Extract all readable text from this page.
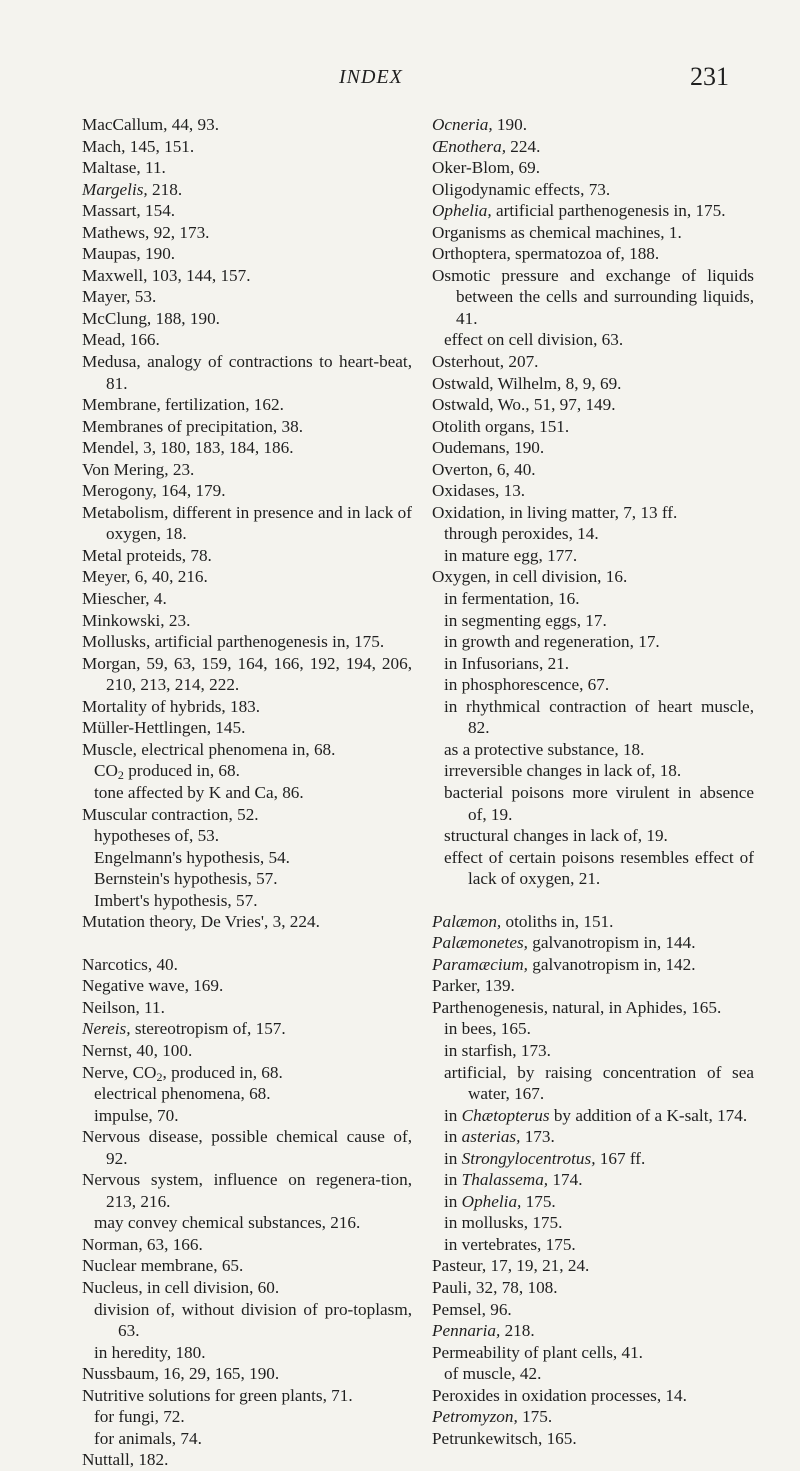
INDEX	231
MacCallum, 44, 93.
Mach, 145, 151.
Maltase, 11.
Margelis, 218.
Massart, 154.
Mathews, 92, 173.
Maupas, 190.
Maxwell, 103, 144, 157.
Mayer, 53.
McClung, 188, 190.
Mead, 166.
Medusa, analogy of contractions to heart-beat, 81.
Membrane, fertilization, 162.
Membranes of precipitation, 38.
Mendel, 3, 180, 183, 184, 186.
Von Mering, 23.
Merogony, 164, 179.
Metabolism, different in presence and in lack of oxygen, 18.
Metal proteids, 78.
Meyer, 6, 40, 216.
Miescher, 4.
Minkowski, 23.
Mollusks, artificial parthenogenesis in, 175.
Morgan, 59, 63, 159, 164, 166, 192, 194, 206, 210, 213, 214, 222.
Mortality of hybrids, 183.
Müller-Hettlingen, 145.
Muscle, electrical phenomena in, 68.
$CO_2$ produced in, 68.
tone affected by K and Ca, 86.
Muscular contraction, 52.
hypotheses of, 53.
Engelmann's hypothesis, 54.
Bernstein's hypothesis, 57.
Imbert's hypothesis, 57.
Mutation theory, De Vries', 3, 224.
Narcotics, 40.
Negative wave, 169.
Neilson, 11.
Nereis, stereotropism of, 157.
Nernst, 40, 100.
Nerve, $CO_2$, produced in, 68.
electrical phenomena, 68.
impulse, 70.
Nervous disease, possible chemical cause of, 92.
Nervous system, influence on regenera-tion, 213, 216.
may convey chemical substances, 216.
Norman, 63, 166.
Nuclear membrane, 65.
Nucleus, in cell division, 60.
division of, without division of pro-toplasm, 63.
in heredity, 180.
Nussbaum, 16, 29, 165, 190.
Nutritive solutions for green plants, 71.
for fungi, 72.
for animals, 74.
Nuttall, 182.
Ocneria, 190.
Œnothera, 224.
Oker-Blom, 69.
Oligodynamic effects, 73.
Ophelia, artificial parthenogenesis in, 175.
Organisms as chemical machines, 1.
Orthoptera, spermatozoa of, 188.
Osmotic pressure and exchange of liquids between the cells and surrounding liquids, 41.
effect on cell division, 63.
Osterhout, 207.
Ostwald, Wilhelm, 8, 9, 69.
Ostwald, Wo., 51, 97, 149.
Otolith organs, 151.
Oudemans, 190.
Overton, 6, 40.
Oxidases, 13.
Oxidation, in living matter, 7, 13 ff.
through peroxides, 14.
in mature egg, 177.
Oxygen, in cell division, 16.
in fermentation, 16.
in segmenting eggs, 17.
in growth and regeneration, 17.
in Infusorians, 21.
in phosphorescence, 67.
in rhythmical contraction of heart muscle, 82.
as a protective substance, 18.
irreversible changes in lack of, 18.
bacterial poisons more virulent in absence of, 19.
structural changes in lack of, 19.
effect of certain poisons resembles effect of lack of oxygen, 21.
Palæmon, otoliths in, 151.
Palæmonetes, galvanotropism in, 144.
Paramæcium, galvanotropism in, 142.
Parker, 139.
Parthenogenesis, natural, in Aphides, 165.
in bees, 165.
in starfish, 173.
artificial, by raising concentration of sea water, 167.
in Chætopterus by addition of a K-salt, 174.
in asterias, 173.
in Strongylocentrotus, 167 ff.
in Thalassema, 174.
in Ophelia, 175.
in mollusks, 175.
in vertebrates, 175.
Pasteur, 17, 19, 21, 24.
Pauli, 32, 78, 108.
Pemsel, 96.
Pennaria, 218.
Permeability of plant cells, 41.
of muscle, 42.
Peroxides in oxidation processes, 14.
Petromyzon, 175.
Petrunkewitsch, 165.
